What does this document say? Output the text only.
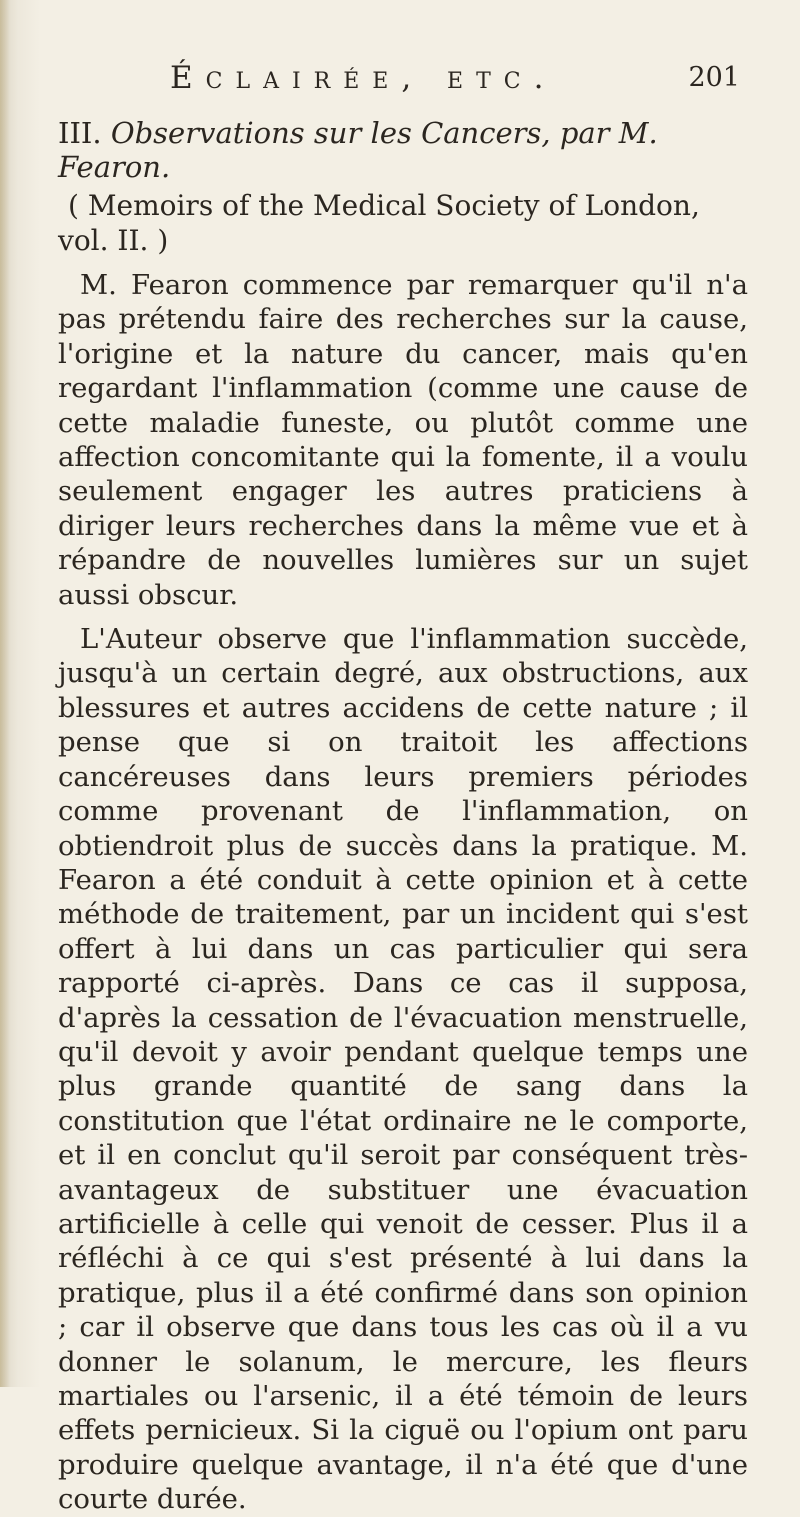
Éclairée, etc.	201

III. Observations sur les Cancers, par M. Fearon.

( Memoirs of the Medical Society of London, vol. II. )

M. Fearon commence par remarquer qu'il n'a pas prétendu faire des recherches sur la cause, l'origine et la nature du cancer, mais qu'en regardant l'inflammation (comme une cause de cette maladie funeste, ou plutôt comme une affection concomitante qui la fomente, il a voulu seulement engager les autres praticiens à diriger leurs recherches dans la même vue et à répandre de nouvelles lumières sur un sujet aussi obscur.

L'Auteur observe que l'inflammation succède, jusqu'à un certain degré, aux obstructions, aux blessures et autres accidens de cette nature ; il pense que si on traitoit les affections cancéreuses dans leurs premiers périodes comme provenant de l'inflammation, on obtiendroit plus de succès dans la pratique. M. Fearon a été conduit à cette opinion et à cette méthode de traitement, par un incident qui s'est offert à lui dans un cas particulier qui sera rapporté ci-après. Dans ce cas il supposa, d'après la cessation de l'évacuation menstruelle, qu'il devoit y avoir pendant quelque temps une plus grande quantité de sang dans la constitution que l'état ordinaire ne le comporte, et il en conclut qu'il seroit par conséquent très-avantageux de substituer une évacuation artificielle à celle qui venoit de cesser. Plus il a réfléchi à ce qui s'est présenté à lui dans la pratique, plus il a été confirmé dans son opinion ; car il observe que dans tous les cas où il a vu donner le solanum, le mercure, les fleurs martiales ou l'arsenic, il a été témoin de leurs effets pernicieux. Si la ciguë ou l'opium ont paru produire quelque avantage, il n'a été que d'une courte durée.
